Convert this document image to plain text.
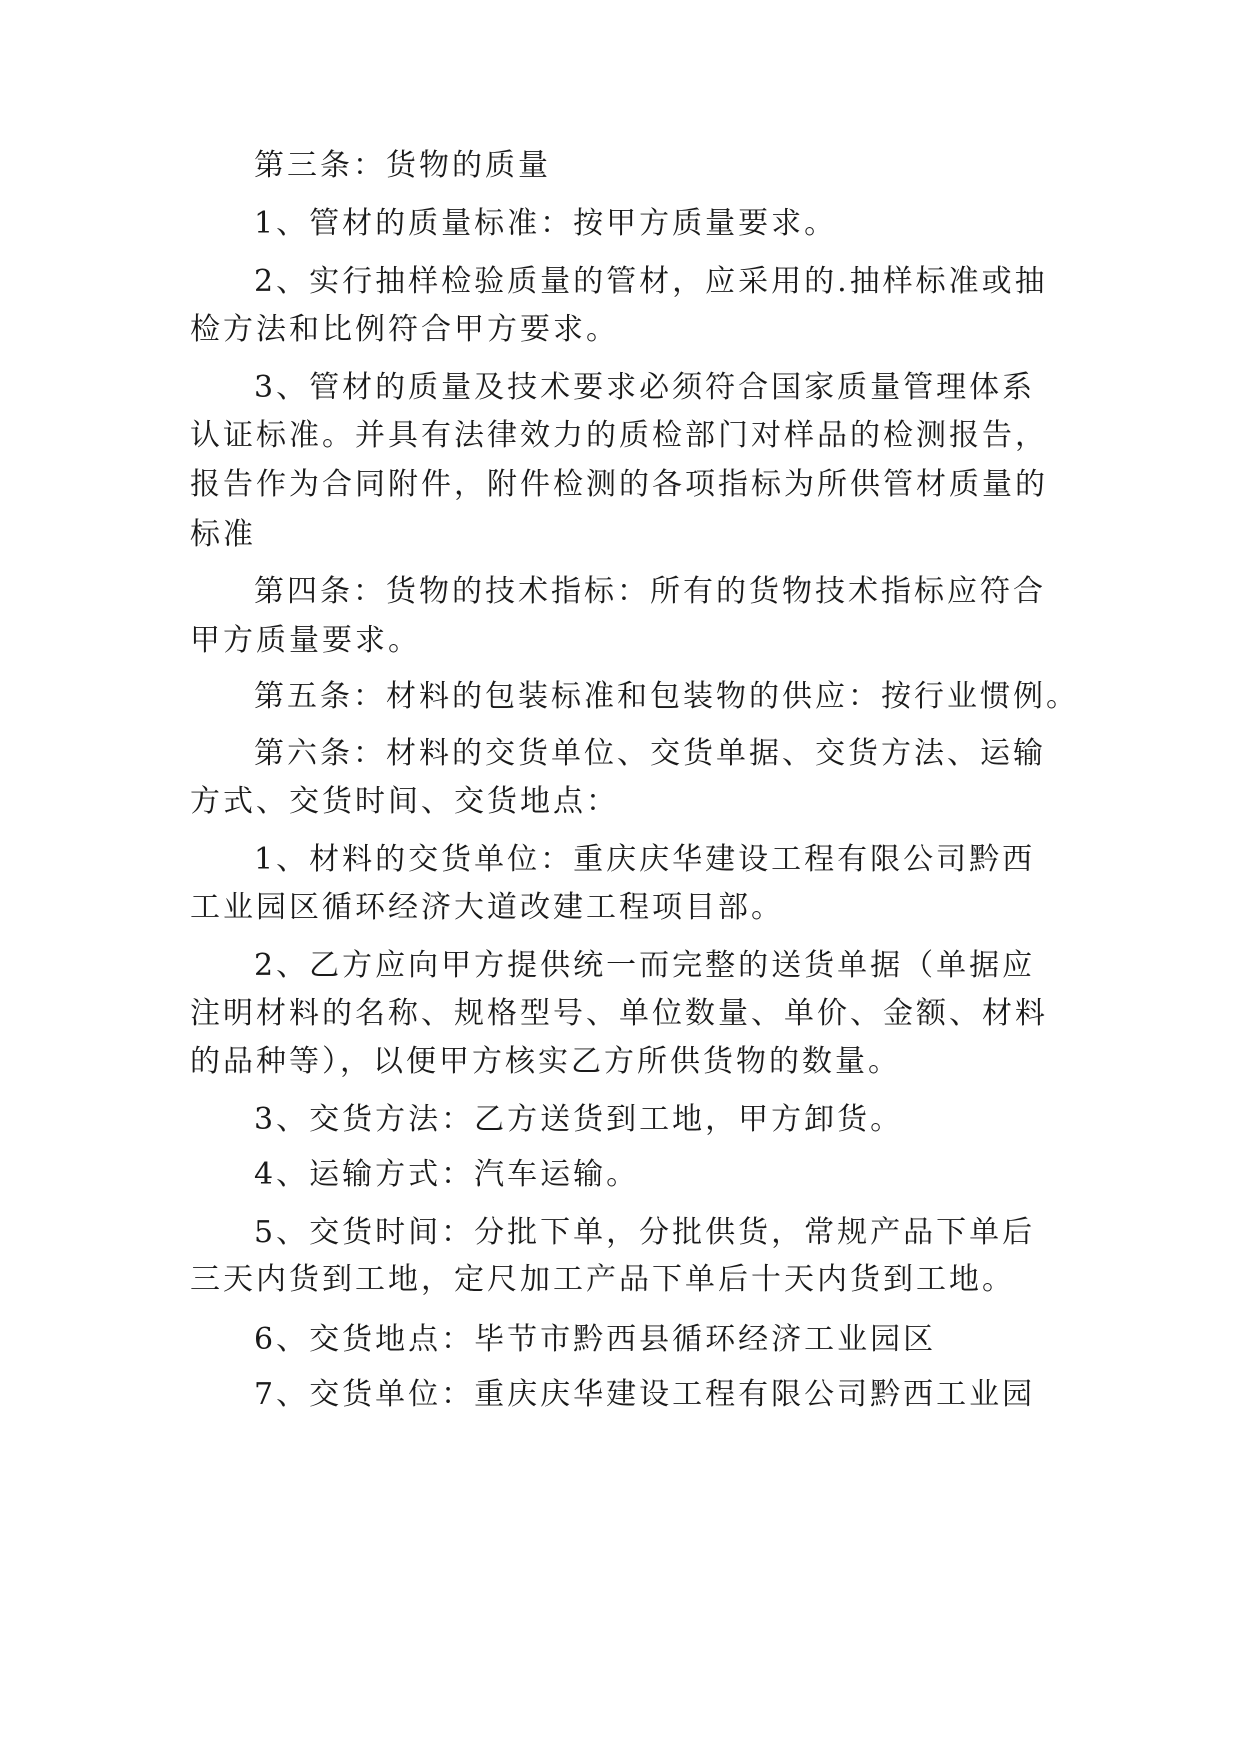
第三条：货物的质量
1、管材的质量标准：按甲方质量要求。
2、实行抽样检验质量的管材，应采用的.抽样标准或抽
检方法和比例符合甲方要求。
3、管材的质量及技术要求必须符合国家质量管理体系
认证标准。并具有法律效力的质检部门对样品的检测报告，
报告作为合同附件，附件检测的各项指标为所供管材质量的
标准
第四条：货物的技术指标：所有的货物技术指标应符合
甲方质量要求。
第五条：材料的包装标准和包装物的供应：按行业惯例。
第六条：材料的交货单位、交货单据、交货方法、运输
方式、交货时间、交货地点：
1、材料的交货单位：重庆庆华建设工程有限公司黔西
工业园区循环经济大道改建工程项目部。
2、乙方应向甲方提供统一而完整的送货单据（单据应
注明材料的名称、规格型号、单位数量、单价、金额、材料
的品种等），以便甲方核实乙方所供货物的数量。
3、交货方法：乙方送货到工地，甲方卸货。
4、运输方式：汽车运输。
5、交货时间：分批下单，分批供货，常规产品下单后
三天内货到工地，定尺加工产品下单后十天内货到工地。
6、交货地点：毕节市黔西县循环经济工业园区
7、交货单位：重庆庆华建设工程有限公司黔西工业园
